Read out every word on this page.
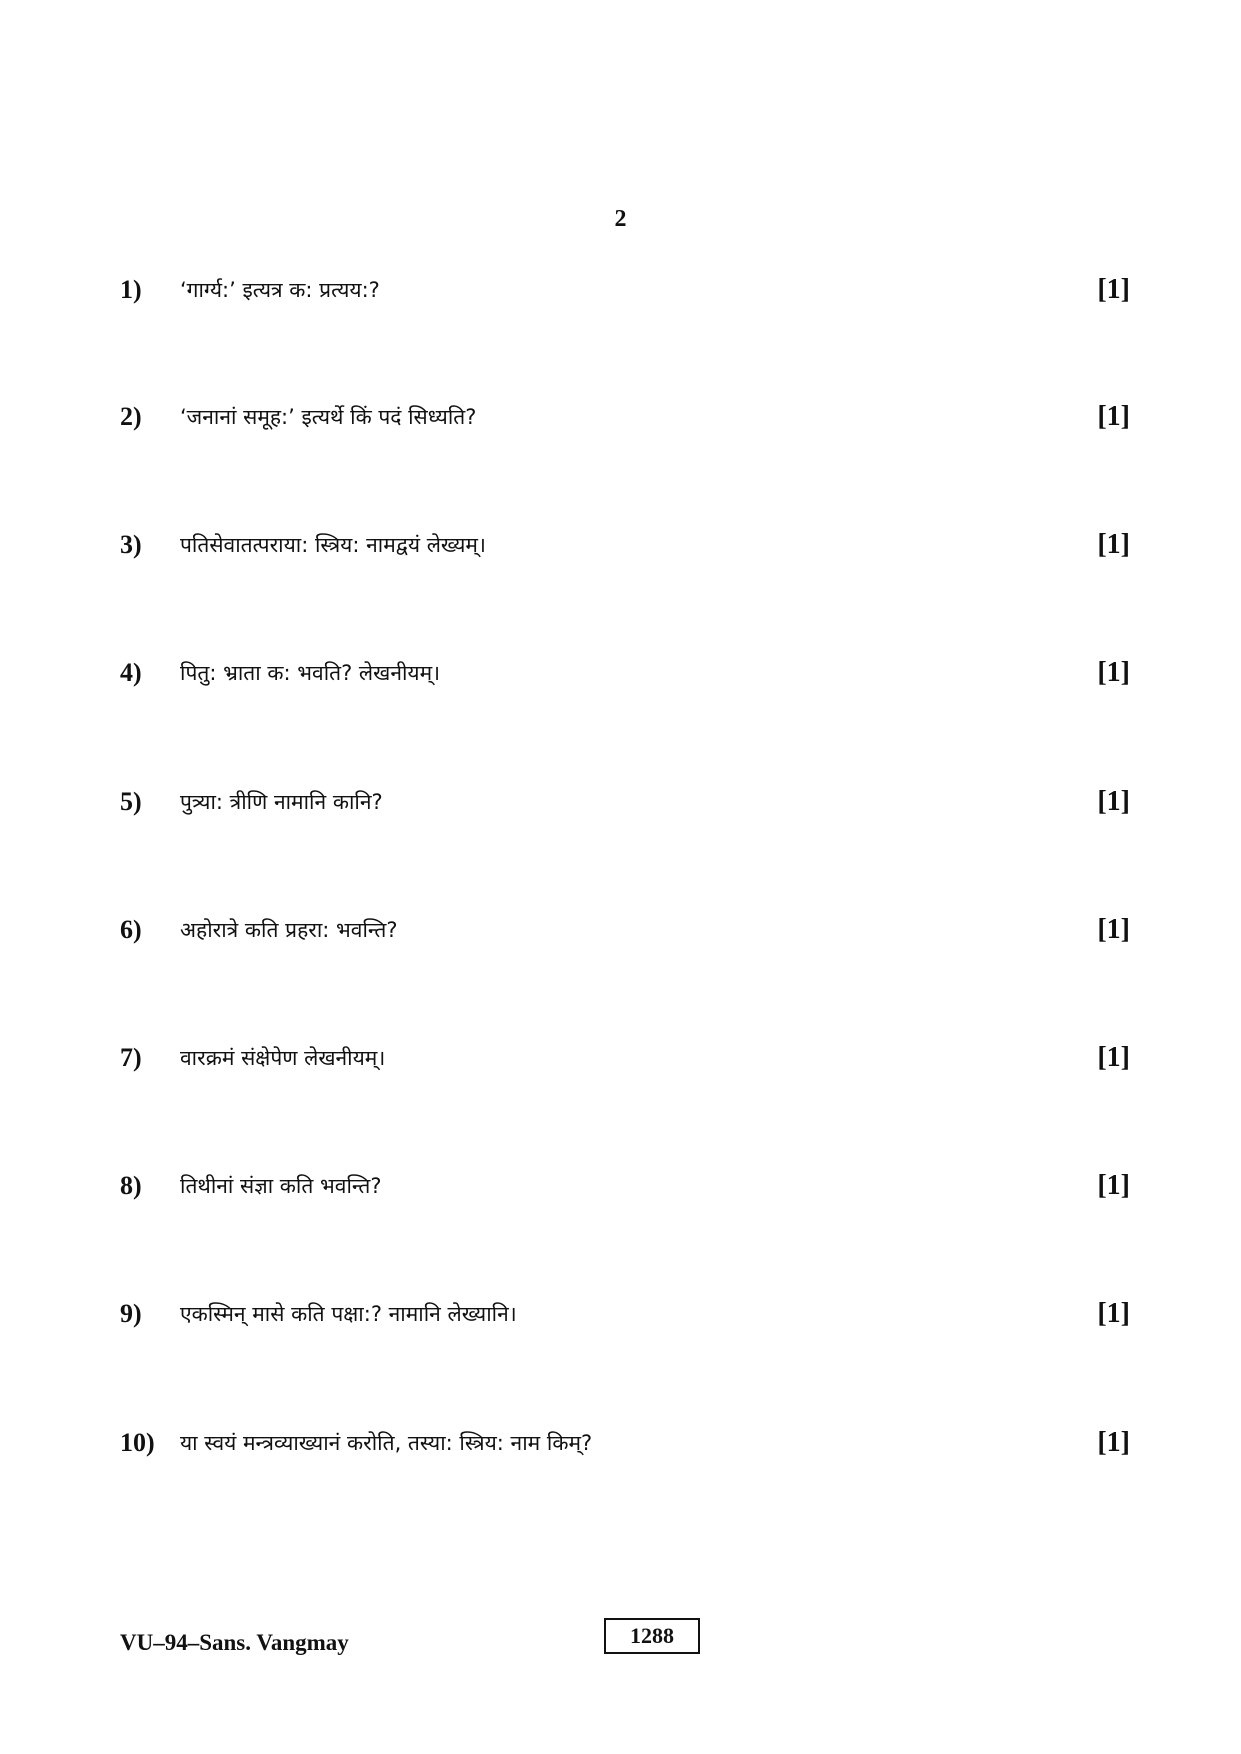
2
1) ‘गार्ग्य:’ इत्यत्र क: प्रत्यय:?	[1]
2) ‘जनानां समूह:’ इत्यर्थे किं पदं सिध्यति?	[1]
3) पतिसेवातत्पराया: स्त्रिय: नामद्वयं लेख्यम्।	[1]
4) पितु: भ्राता क: भवति? लेखनीयम्।	[1]
5) पुत्र्या: त्रीणि नामानि कानि?	[1]
6) अहोरात्रे कति प्रहरा: भवन्ति?	[1]
7) वारक्रमं संक्षेपेण लेखनीयम्।	[1]
8) तिथीनां संज्ञा कति भवन्ति?	[1]
9) एकस्मिन् मासे कति पक्षा:? नामानि लेख्यानि।	[1]
10) या स्वयं मन्त्रव्याख्यानं करोति, तस्या: स्त्रिय: नाम किम्?	[1]
VU–94–Sans. Vangmay	1288
